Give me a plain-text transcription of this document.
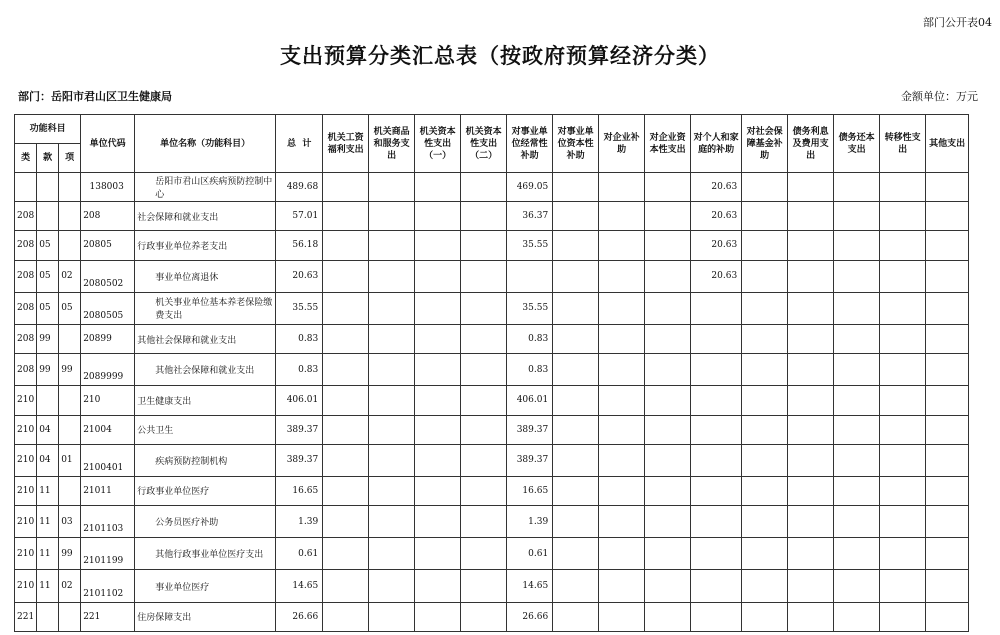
部门公开表04
支出预算分类汇总表（按政府预算经济分类）
部门：岳阳市君山区卫生健康局	金额单位：万元
功能科目			单位代码	单位名称（功能科目）	总  计	机关工资福利支出	机关商品和服务支出	机关资本性支出（一）	机关资本性支出（二）	对事业单位经常性补助	对事业单位资本性补助	对企业补助	对企业资本性支出	对个人和家庭的补助	对社会保障基金补助	债务利息及费用支出	债务还本支出	转移性支出	其他支出
类	款	项																	
			138003	岳阳市君山区疾病预防控制中心	489.68					469.05				20.63					
208			208	社会保障和就业支出	57.01					36.37				20.63					
208	05		20805	行政事业单位养老支出	56.18					35.55				20.63					
208	05	02	2080502	事业单位离退休	20.63									20.63					
208	05	05	2080505	机关事业单位基本养老保险缴费支出	35.55					35.55									
208	99		20899	其他社会保障和就业支出	0.83					0.83									
208	99	99	2089999	其他社会保障和就业支出	0.83					0.83									
210			210	卫生健康支出	406.01					406.01									
210	04		21004	公共卫生	389.37					389.37									
210	04	01	2100401	疾病预防控制机构	389.37					389.37									
210	11		21011	行政事业单位医疗	16.65					16.65									
210	11	03	2101103	公务员医疗补助	1.39					1.39									
210	11	99	2101199	其他行政事业单位医疗支出	0.61					0.61									
210	11	02	2101102	事业单位医疗	14.65					14.65									
221			221	住房保障支出	26.66					26.66									
